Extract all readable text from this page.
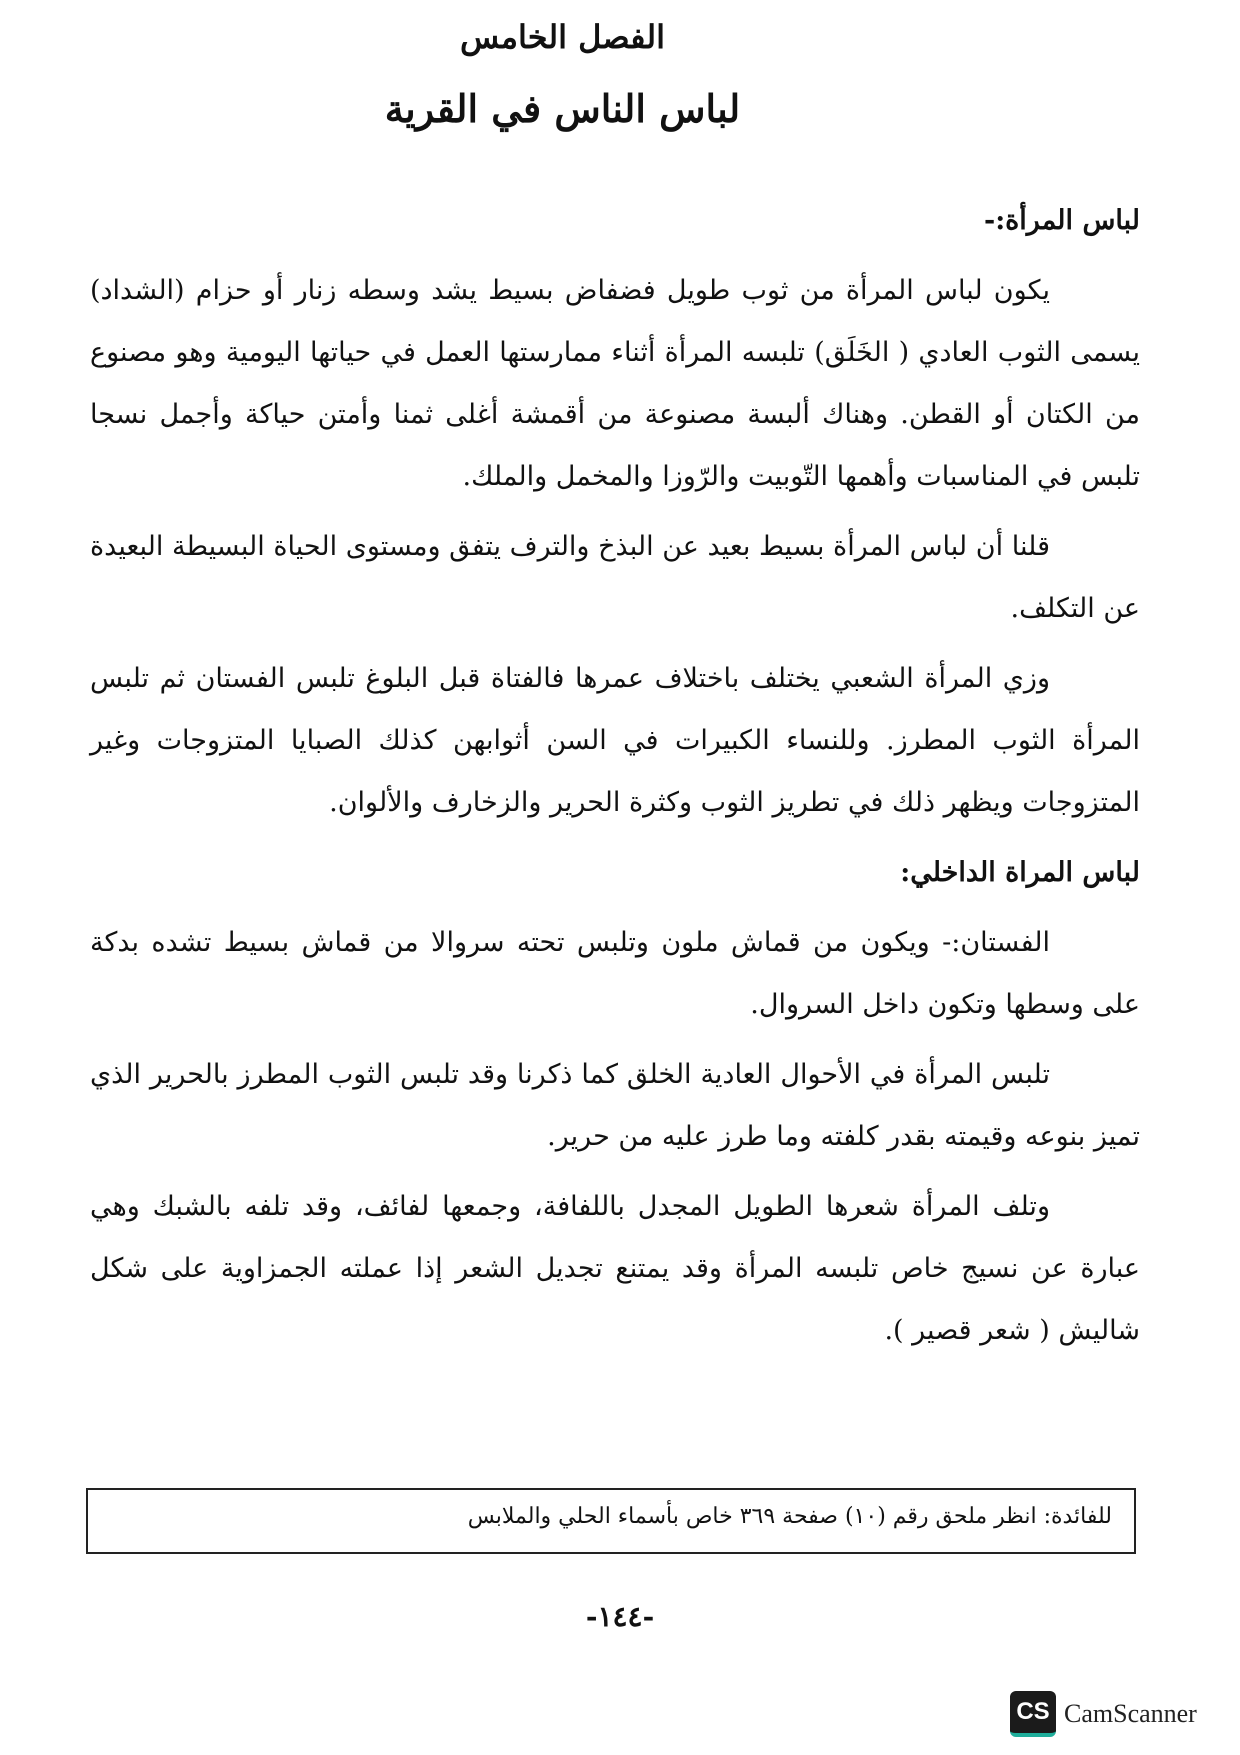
الفصل الخامس
لباس الناس في القرية

لباس المرأة:-

يكون لباس المرأة من ثوب طويل فضفاض بسيط يشد وسطه زنار أو حزام (الشداد) يسمى الثوب العادي ( الخَلَق) تلبسه المرأة أثناء ممارستها العمل في حياتها اليومية وهو مصنوع من الكتان أو القطن. وهناك ألبسة مصنوعة من أقمشة أغلى ثمنا وأمتن حياكة وأجمل نسجا تلبس في المناسبات وأهمها التّوبيت والرّوزا والمخمل والملك.

قلنا أن لباس المرأة بسيط بعيد عن البذخ والترف يتفق ومستوى الحياة البسيطة البعيدة عن التكلف.

وزي المرأة الشعبي يختلف باختلاف عمرها فالفتاة قبل البلوغ تلبس الفستان ثم تلبس المرأة الثوب المطرز. وللنساء الكبيرات في السن أثوابهن كذلك الصبايا المتزوجات وغير المتزوجات ويظهر ذلك في تطريز الثوب وكثرة الحرير والزخارف والألوان.

لباس المراة الداخلي:

الفستان:- ويكون من قماش ملون وتلبس تحته سروالا من قماش بسيط تشده بدكة على وسطها وتكون داخل السروال.

تلبس المرأة في الأحوال العادية الخلق كما ذكرنا وقد تلبس الثوب المطرز بالحرير الذي تميز بنوعه وقيمته بقدر كلفته وما طرز عليه من حرير.

وتلف المرأة شعرها الطويل المجدل باللفافة، وجمعها لفائف، وقد تلفه بالشبك وهي عبارة عن نسيج خاص تلبسه المرأة وقد يمتنع تجديل الشعر إذا عملته الجمزاوية على شكل شاليش ( شعر قصير ).

للفائدة: انظر ملحق رقم (١٠) صفحة ٣٦٩ خاص بأسماء الحلي والملابس
-١٤٤-
CS CamScanner
